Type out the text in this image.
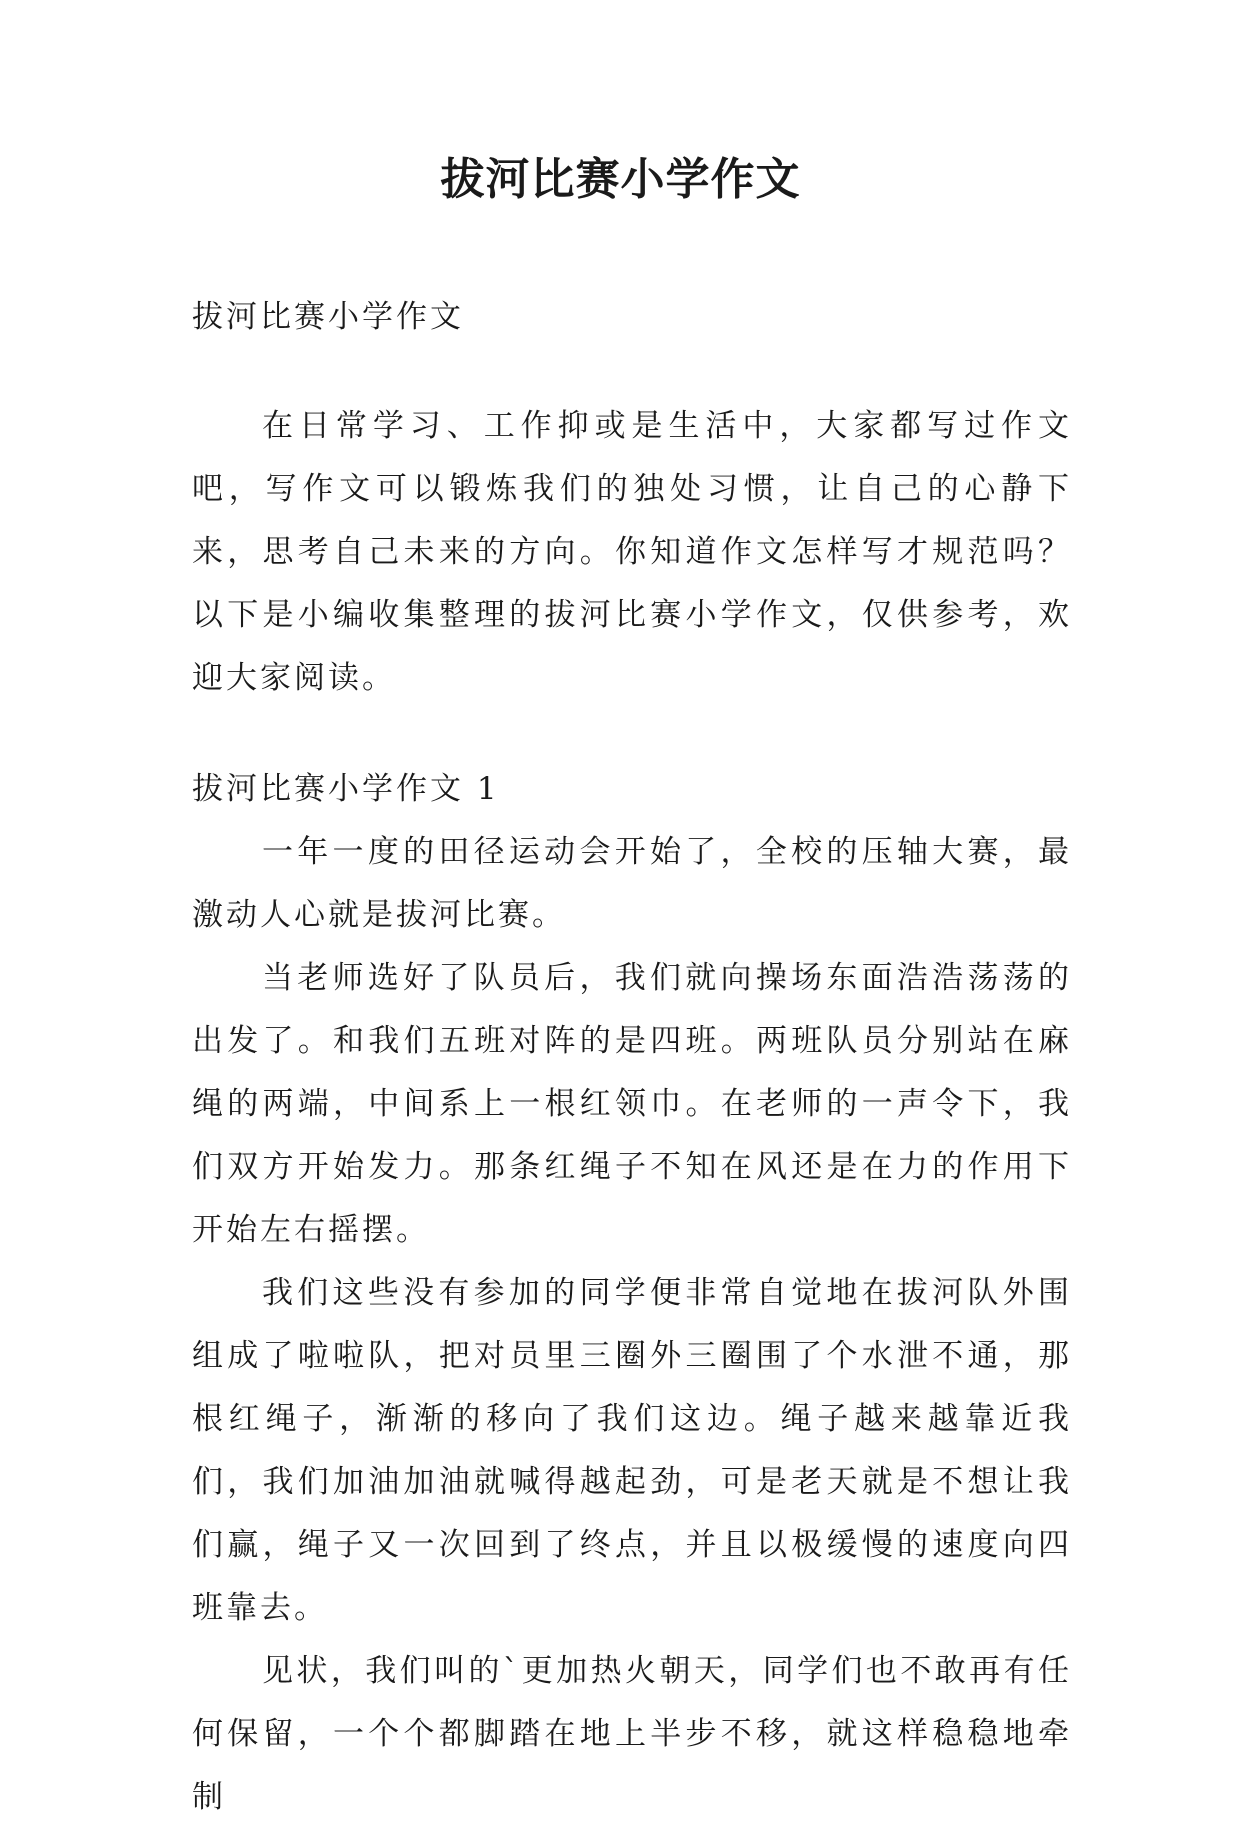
拔河比赛小学作文

拔河比赛小学作文

在日常学习、工作抑或是生活中，大家都写过作文吧，写作文可以锻炼我们的独处习惯，让自己的心静下来，思考自己未来的方向。你知道作文怎样写才规范吗？以下是小编收集整理的拔河比赛小学作文，仅供参考，欢迎大家阅读。

拔河比赛小学作文 1

一年一度的田径运动会开始了，全校的压轴大赛，最激动人心就是拔河比赛。

当老师选好了队员后，我们就向操场东面浩浩荡荡的出发了。和我们五班对阵的是四班。两班队员分别站在麻绳的两端，中间系上一根红领巾。在老师的一声令下，我们双方开始发力。那条红绳子不知在风还是在力的作用下开始左右摇摆。

我们这些没有参加的同学便非常自觉地在拔河队外围组成了啦啦队，把对员里三圈外三圈围了个水泄不通，那根红绳子，渐渐的移向了我们这边。绳子越来越靠近我们，我们加油加油就喊得越起劲，可是老天就是不想让我们赢，绳子又一次回到了终点，并且以极缓慢的速度向四班靠去。

见状，我们叫的`更加热火朝天，同学们也不敢再有任何保留，一个个都脚踏在地上半步不移，就这样稳稳地牵制
